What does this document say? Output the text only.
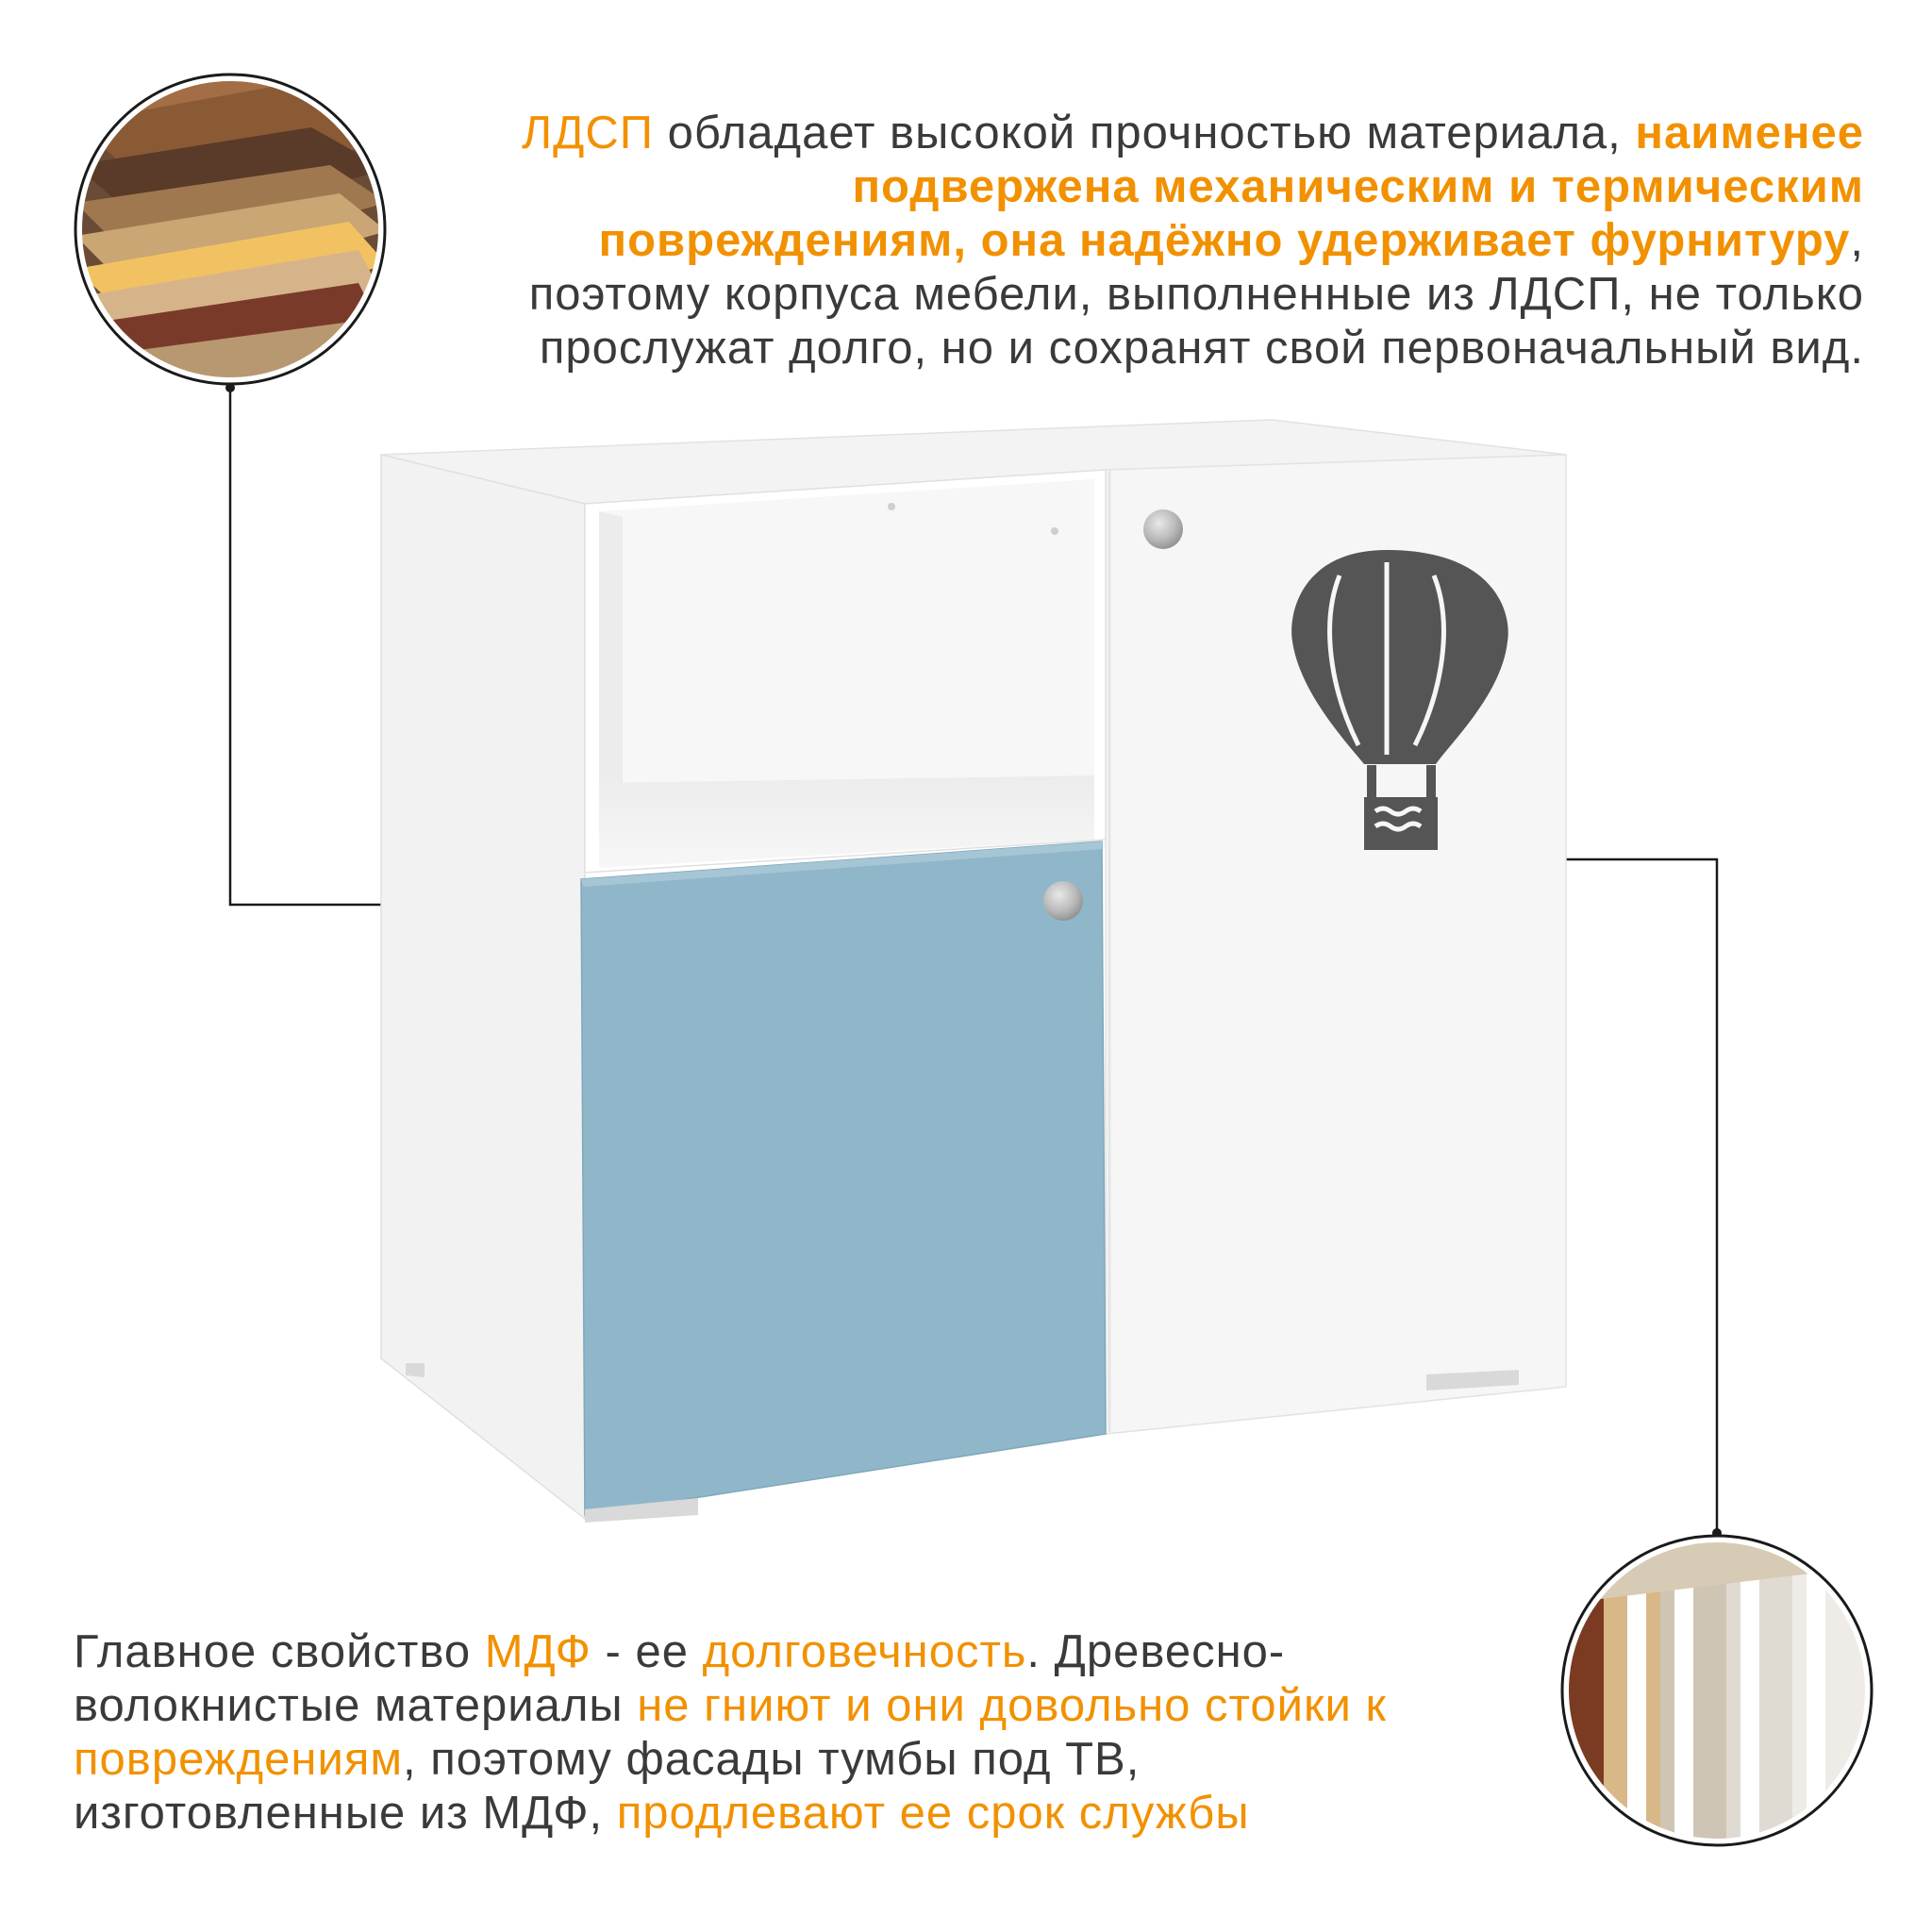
ЛДСП обладает высокой прочностью материала, наименее
подвержена механическим и термическим
повреждениям, она надёжно удерживает фурнитуру,
поэтому корпуса мебели, выполненные из ЛДСП, не только
прослужат долго, но и сохранят свой первоначальный вид.
Главное свойство МДФ - ее долговечность. Древесно-
волокнистые материалы не гниют и они довольно стойки к
повреждениям, поэтому фасады тумбы под ТВ,
изготовленные из МДФ, продлевают ее срок службы
